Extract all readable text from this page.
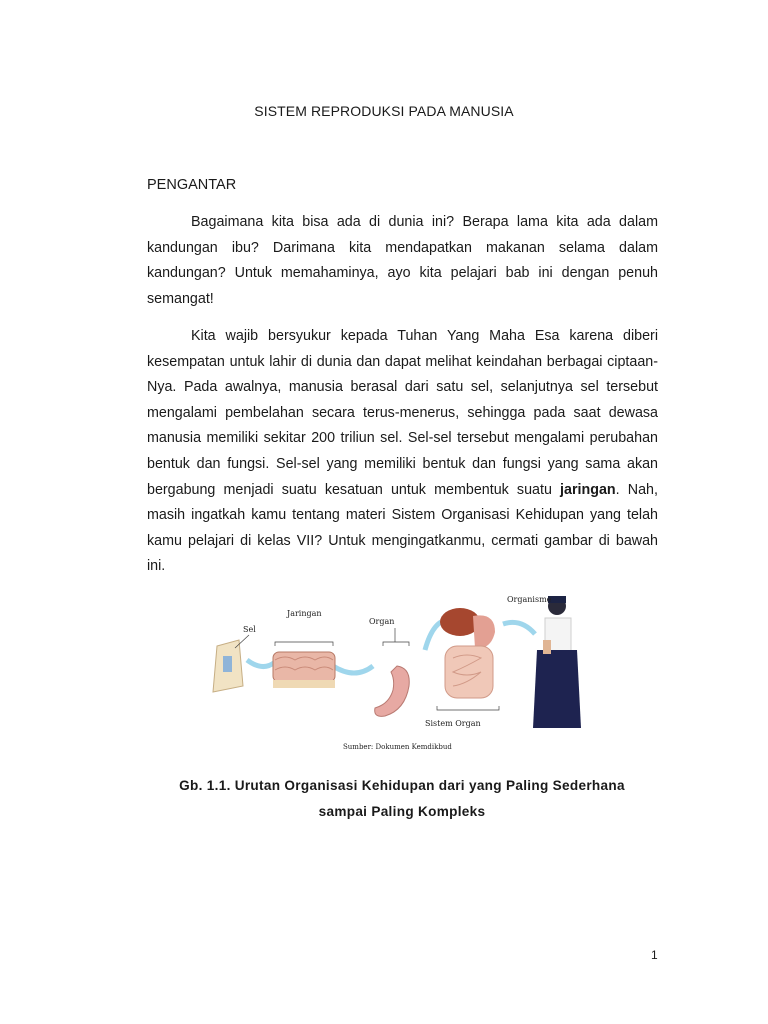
SISTEM REPRODUKSI PADA MANUSIA
PENGANTAR

Bagaimana kita bisa ada di dunia ini? Berapa lama kita ada dalam kandungan ibu? Darimana kita mendapatkan makanan selama dalam kandungan? Untuk memahaminya, ayo kita pelajari bab ini dengan penuh semangat!

Kita wajib bersyukur kepada Tuhan Yang Maha Esa karena diberi kesempatan untuk lahir di dunia dan dapat melihat keindahan berbagai ciptaan-Nya. Pada awalnya, manusia berasal dari satu sel, selanjutnya sel tersebut mengalami pembelahan secara terus-menerus, sehingga pada saat dewasa manusia memiliki sekitar 200 triliun sel. Sel-sel tersebut mengalami perubahan bentuk dan fungsi. Sel-sel yang memiliki bentuk dan fungsi yang sama akan bergabung menjadi suatu kesatuan untuk membentuk suatu jaringan. Nah, masih ingatkah kamu tentang materi Sistem Organisasi Kehidupan yang telah kamu pelajari di kelas VII? Untuk mengingatkanmu, cermati gambar di bawah ini.

Sel
Jaringan
Organ
Sistem Organ
Organisme
Sumber: Dokumen Kemdikbud
Gb. 1.1. Urutan Organisasi Kehidupan dari yang Paling Sederhana
sampai Paling Kompleks
1
